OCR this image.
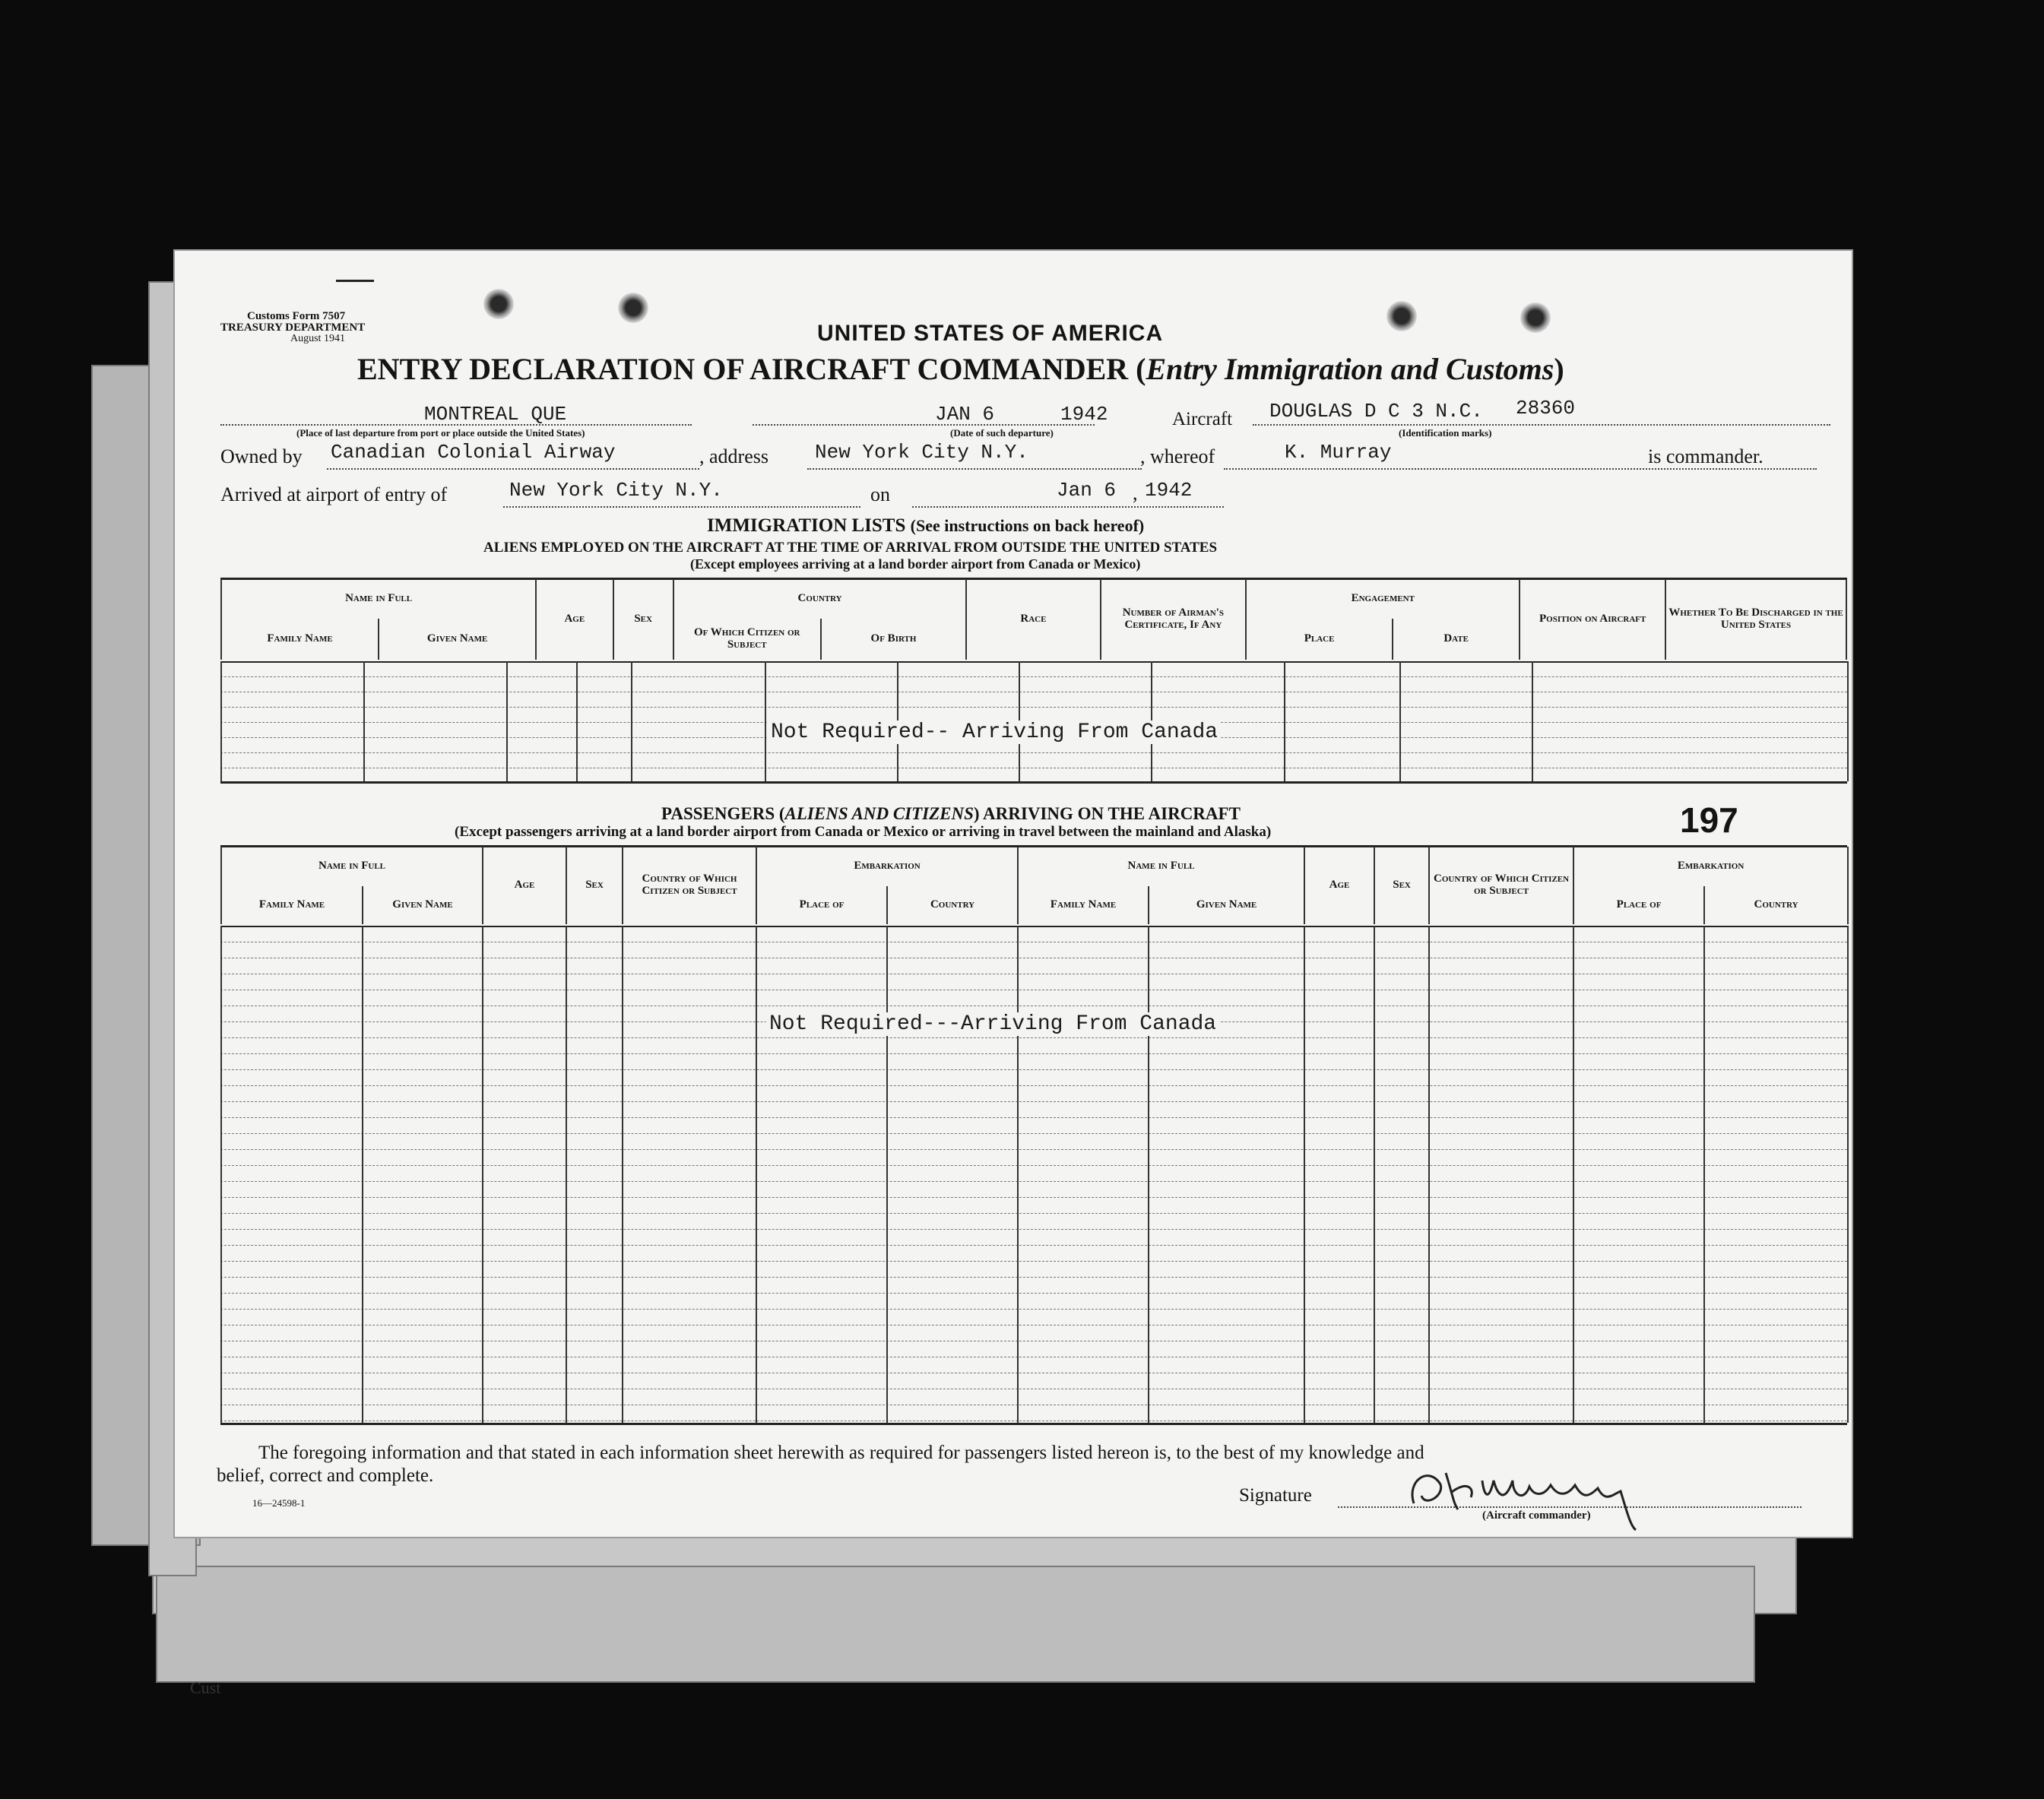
Cust
Customs Form 7507
TREASURY DEPARTMENT
August 1941	UNITED STATES OF AMERICA
ENTRY DECLARATION OF AIRCRAFT COMMANDER (Entry Immigration and Customs)
MONTREAL QUE
(Place of last departure from port or place outside the United States)
JAN 6	1942
(Date of such departure)
Aircraft DOUGLAS D C 3 N.C. 28360
(Identification marks)
Owned by Canadian Colonial Airway	, address New York City N.Y.	, whereof	K. Murray	is commander.
Arrived at airport of entry of	New York City N.Y.	on	Jan 6 , 1942
IMMIGRATION LISTS (See instructions on back hereof)
ALIENS EMPLOYED ON THE AIRCRAFT AT THE TIME OF ARRIVAL FROM OUTSIDE THE UNITED STATES
(Except employees arriving at a land border airport from Canada or Mexico)
Name in Full		Age	Sex	Country		Race	Number of Airman's Certificate, If Any	Engagement		Position on Aircraft	Whether To Be Discharged in the United States
Family Name	Given Name			Of Which Citizen or Subject	Of Birth			Place	Date		
Not Required-- Arriving From Canada
PASSENGERS (ALIENS AND CITIZENS) ARRIVING ON THE AIRCRAFT
(Except passengers arriving at a land border airport from Canada or Mexico or arriving in travel between the mainland and Alaska)	197
Name in Full		Age	Sex	Country of Which Citizen or Subject	Embarkation		Name in Full		Age	Sex	Country of Which Citizen or Subject	Embarkation	
Family Name	Given Name				Place of	Country	Family Name	Given Name				Place of	Country
Not Required---Arriving From Canada
The foregoing information and that stated in each information sheet herewith as required for passengers listed hereon is, to the best of my knowledge and
belief, correct and complete.
16—24598-1	Signature
(Aircraft commander)
